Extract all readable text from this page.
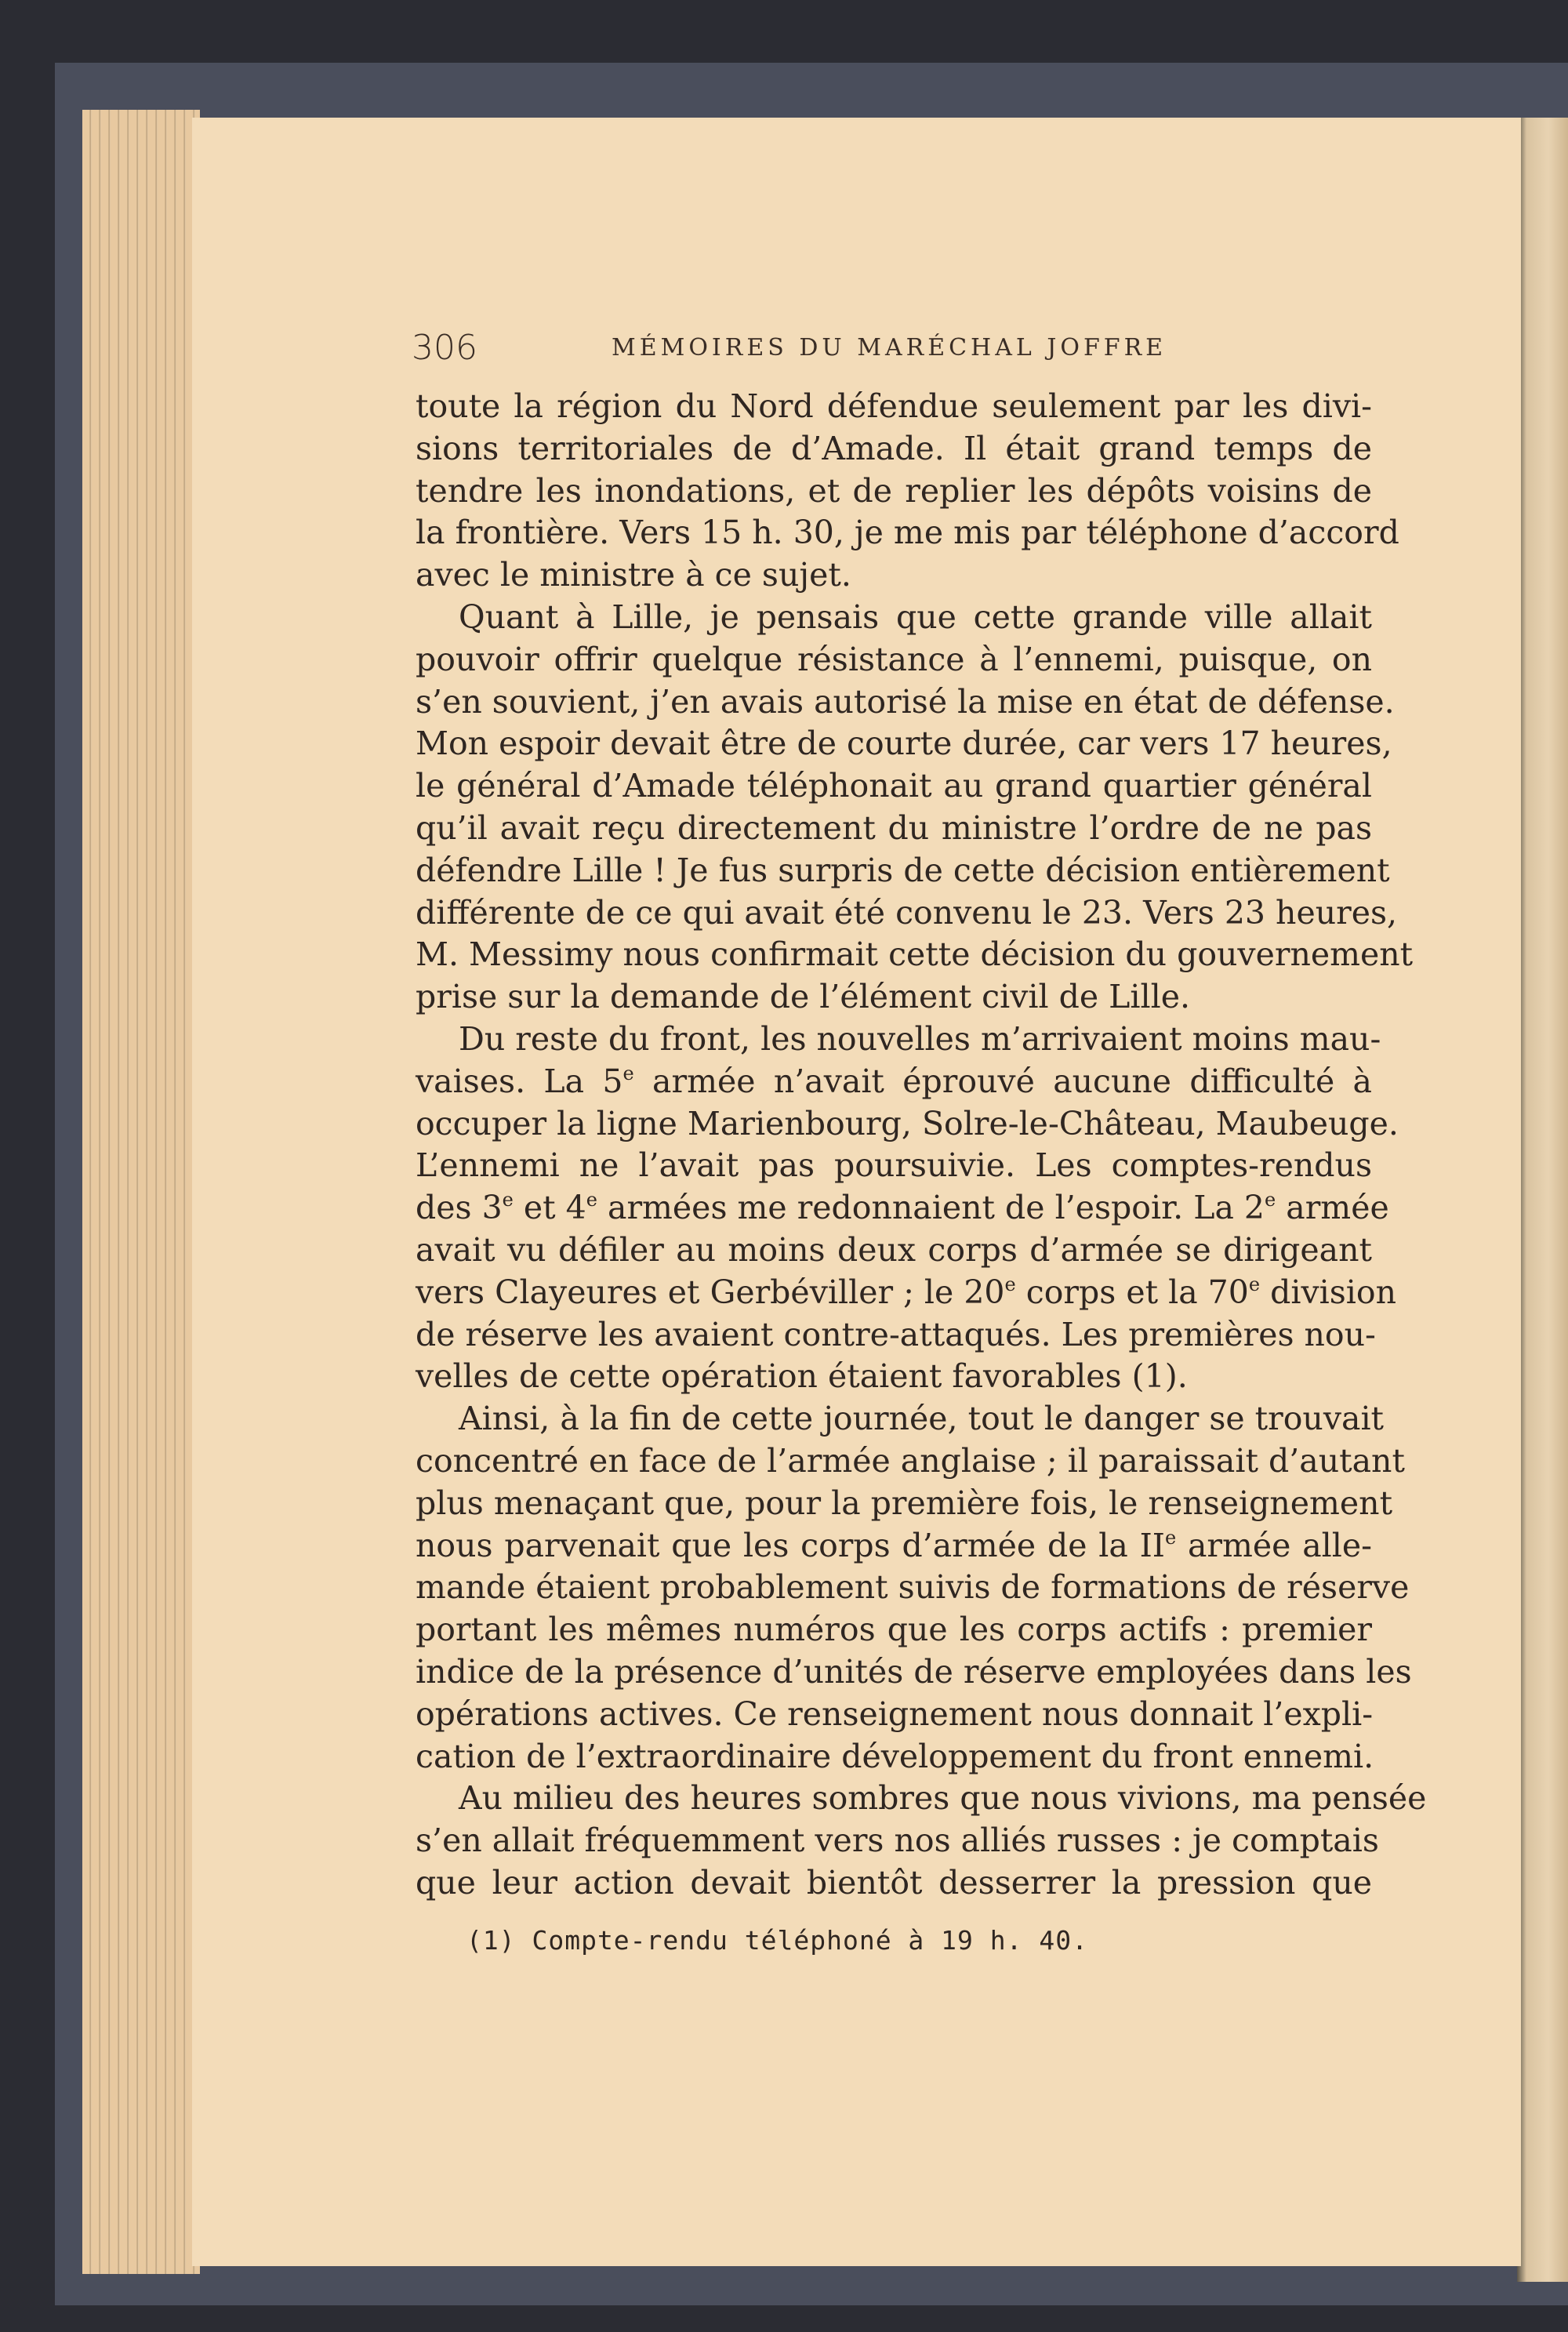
306	MÉMOIRES DU MARÉCHAL JOFFRE
toute la région du Nord défendue seulement par les divi-
sions territoriales de d’Amade. Il était grand temps de
tendre les inondations, et de replier les dépôts voisins de
la frontière. Vers 15 h. 30, je me mis par téléphone d’accord
avec le ministre à ce sujet.
Quant à Lille, je pensais que cette grande ville allait
pouvoir offrir quelque résistance à l’ennemi, puisque, on
s’en souvient, j’en avais autorisé la mise en état de défense.
Mon espoir devait être de courte durée, car vers 17 heures,
le général d’Amade téléphonait au grand quartier général
qu’il avait reçu directement du ministre l’ordre de ne pas
défendre Lille ! Je fus surpris de cette décision entièrement
différente de ce qui avait été convenu le 23. Vers 23 heures,
M. Messimy nous confirmait cette décision du gouvernement
prise sur la demande de l’élément civil de Lille.
Du reste du front, les nouvelles m’arrivaient moins mau-
vaises. La 5e armée n’avait éprouvé aucune difficulté à
occuper la ligne Marienbourg, Solre-le-Château, Maubeuge.
L’ennemi ne l’avait pas poursuivie. Les comptes-rendus
des 3e et 4e armées me redonnaient de l’espoir. La 2e armée
avait vu défiler au moins deux corps d’armée se dirigeant
vers Clayeures et Gerbéviller ; le 20e corps et la 70e division
de réserve les avaient contre-attaqués. Les premières nou-
velles de cette opération étaient favorables (1).
Ainsi, à la fin de cette journée, tout le danger se trouvait
concentré en face de l’armée anglaise ; il paraissait d’autant
plus menaçant que, pour la première fois, le renseignement
nous parvenait que les corps d’armée de la IIe armée alle-
mande étaient probablement suivis de formations de réserve
portant les mêmes numéros que les corps actifs : premier
indice de la présence d’unités de réserve employées dans les
opérations actives. Ce renseignement nous donnait l’expli-
cation de l’extraordinaire développement du front ennemi.
Au milieu des heures sombres que nous vivions, ma pensée
s’en allait fréquemment vers nos alliés russes : je comptais
que leur action devait bientôt desserrer la pression que
(1) Compte-rendu téléphoné à 19 h. 40.
